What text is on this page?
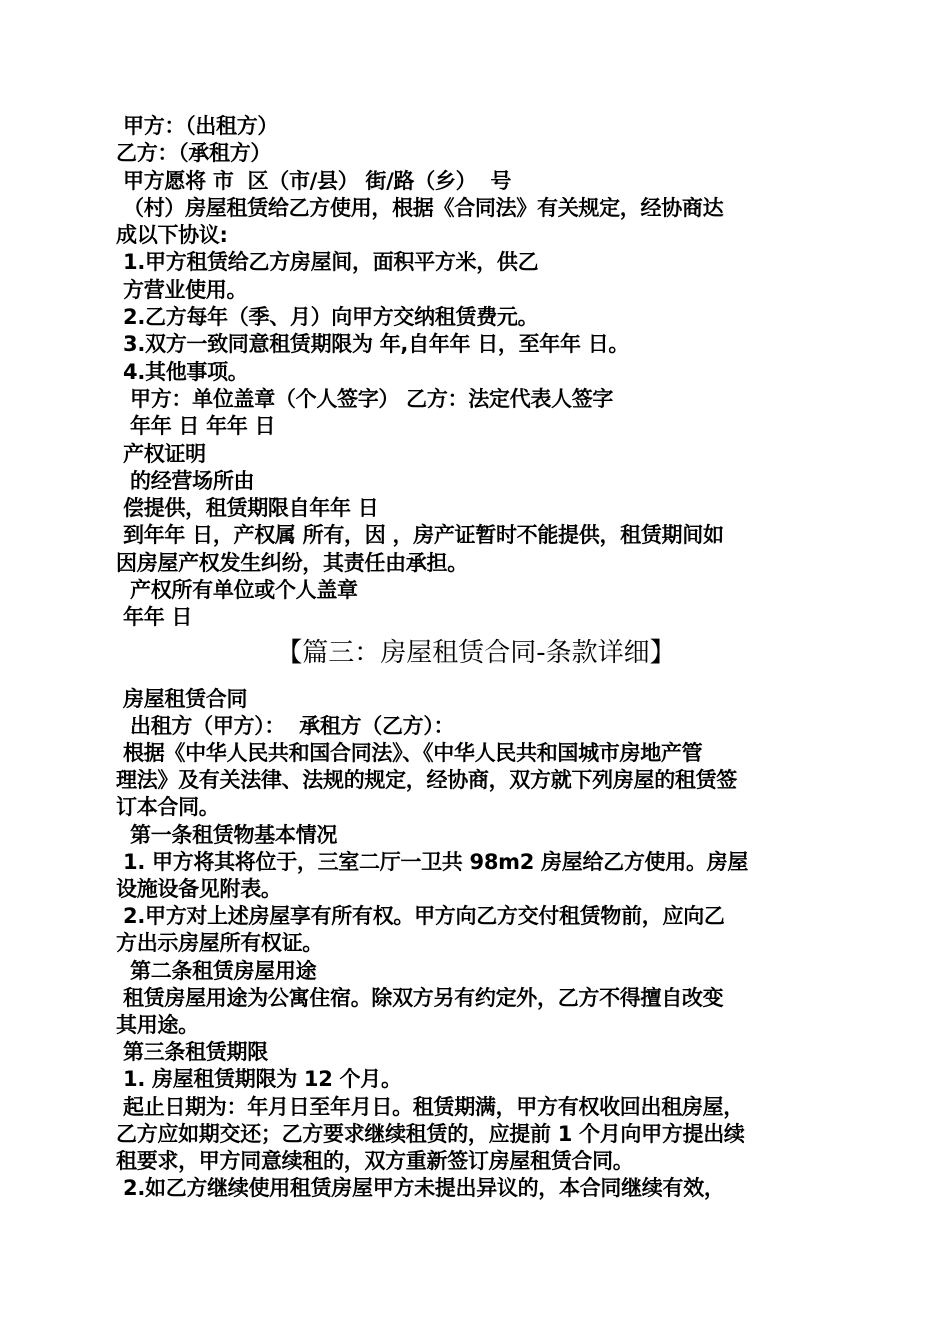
甲方：（出租方）
乙方：（承租方）
甲方愿将 市  区（市/县） 街/路（乡）  号
（村）房屋租赁给乙方使用，根据《合同法》有关规定，经协商达
成以下协议:
1.甲方租赁给乙方房屋间，面积平方米，供乙
方营业使用。
2.乙方每年（季、月）向甲方交纳租赁费元。
3.双方一致同意租赁期限为 年,自年年 日，至年年 日。
4.其他事项。
甲方：单位盖章（个人签字） 乙方：法定代表人签字
年年 日 年年 日
产权证明
的经营场所由
偿提供，租赁期限自年年 日
到年年 日，产权属 所有，因 ，房产证暂时不能提供，租赁期间如
因房屋产权发生纠纷，其责任由承担。
产权所有单位或个人盖章
年年 日
【篇三：房屋租赁合同-条款详细】
房屋租赁合同
出租方（甲方）：  承租方（乙方）：
根据《中华人民共和国合同法》、《中华人民共和国城市房地产管
理法》及有关法律、法规的规定，经协商，双方就下列房屋的租赁签
订本合同。
第一条租赁物基本情况
1. 甲方将其将位于，三室二厅一卫共 98m2 房屋给乙方使用。房屋
设施设备见附表。
2.甲方对上述房屋享有所有权。甲方向乙方交付租赁物前，应向乙
方出示房屋所有权证。
第二条租赁房屋用途
租赁房屋用途为公寓住宿。除双方另有约定外，乙方不得擅自改变
其用途。
第三条租赁期限
1. 房屋租赁期限为 12 个月。
起止日期为：年月日至年月日。租赁期满，甲方有权收回出租房屋，
乙方应如期交还；乙方要求继续租赁的，应提前 1 个月向甲方提出续
租要求，甲方同意续租的，双方重新签订房屋租赁合同。
2.如乙方继续使用租赁房屋甲方未提出异议的，本合同继续有效，
